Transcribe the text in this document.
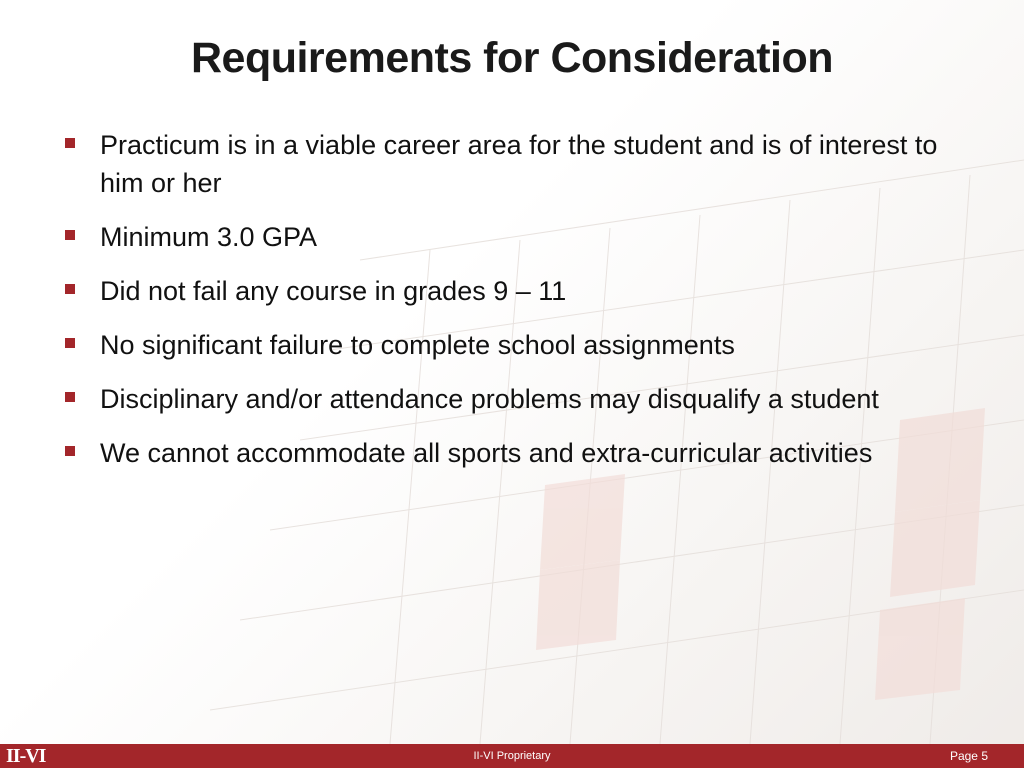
Requirements for Consideration
Practicum is in a viable career area for the student and is of interest to him or her
Minimum 3.0 GPA
Did not fail any course in grades 9 – 11
No significant failure to complete school assignments
Disciplinary and/or attendance problems may disqualify a student
We cannot accommodate all sports and extra-curricular activities
II-VI	II-VI Proprietary	Page 5
